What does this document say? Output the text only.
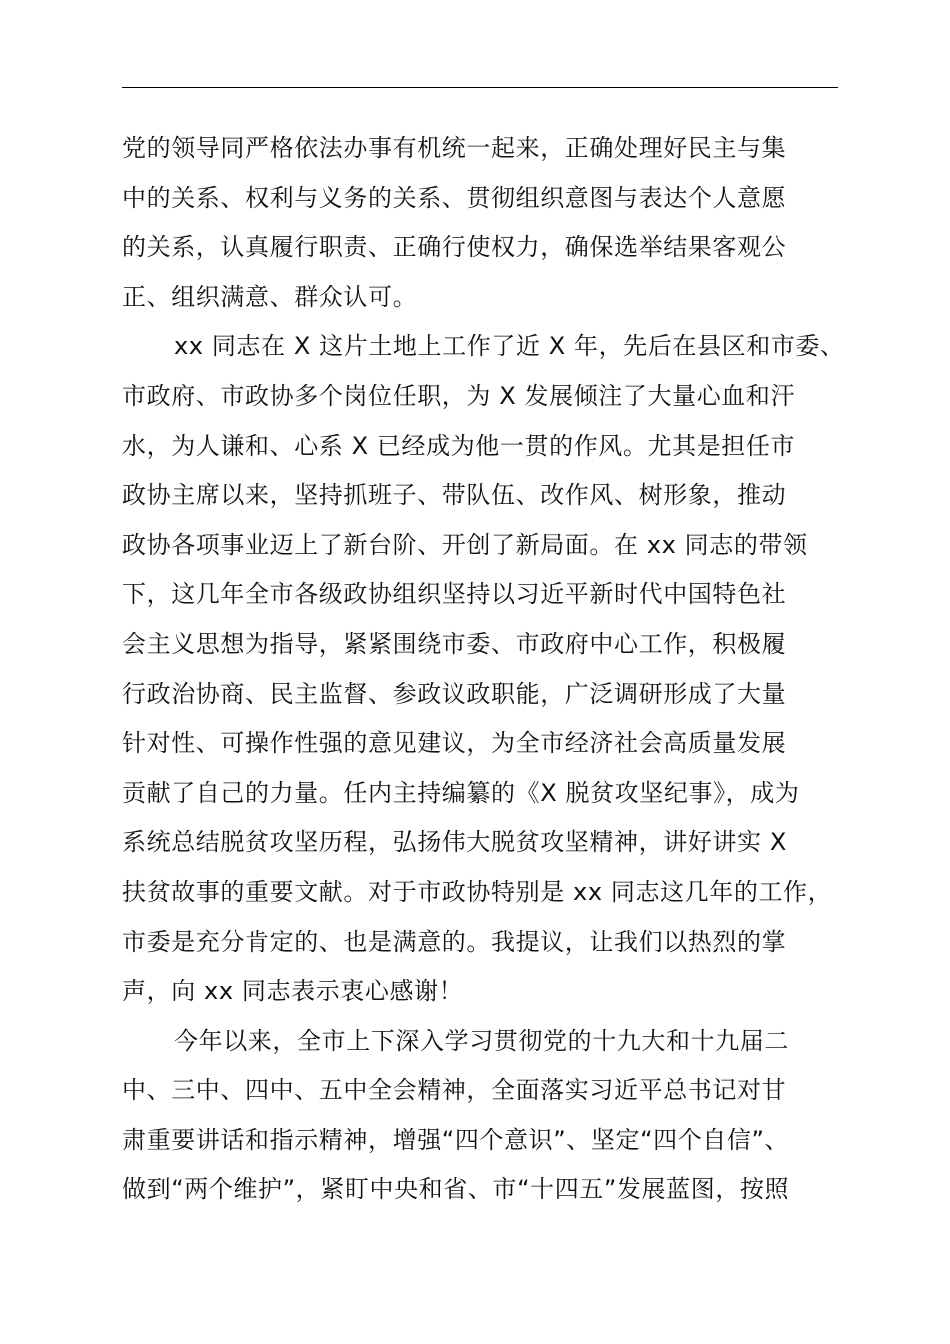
党的领导同严格依法办事有机统一起来，正确处理好民主与集
中的关系、权利与义务的关系、贯彻组织意图与表达个人意愿
的关系，认真履行职责、正确行使权力，确保选举结果客观公
正、组织满意、群众认可。
xx 同志在 X 这片土地上工作了近 X 年，先后在县区和市委、
市政府、市政协多个岗位任职，为 X 发展倾注了大量心血和汗
水，为人谦和、心系 X 已经成为他一贯的作风。尤其是担任市
政协主席以来，坚持抓班子、带队伍、改作风、树形象，推动
政协各项事业迈上了新台阶、开创了新局面。在 xx 同志的带领
下，这几年全市各级政协组织坚持以习近平新时代中国特色社
会主义思想为指导，紧紧围绕市委、市政府中心工作，积极履
行政治协商、民主监督、参政议政职能，广泛调研形成了大量
针对性、可操作性强的意见建议，为全市经济社会高质量发展
贡献了自己的力量。任内主持编纂的《X 脱贫攻坚纪事》，成为
系统总结脱贫攻坚历程，弘扬伟大脱贫攻坚精神，讲好讲实 X
扶贫故事的重要文献。对于市政协特别是 xx 同志这几年的工作，
市委是充分肯定的、也是满意的。我提议，让我们以热烈的掌
声，向 xx 同志表示衷心感谢！
今年以来，全市上下深入学习贯彻党的十九大和十九届二
中、三中、四中、五中全会精神，全面落实习近平总书记对甘
肃重要讲话和指示精神，增强“四个意识”、坚定“四个自信”、
做到“两个维护”，紧盯中央和省、市“十四五”发展蓝图，按照
